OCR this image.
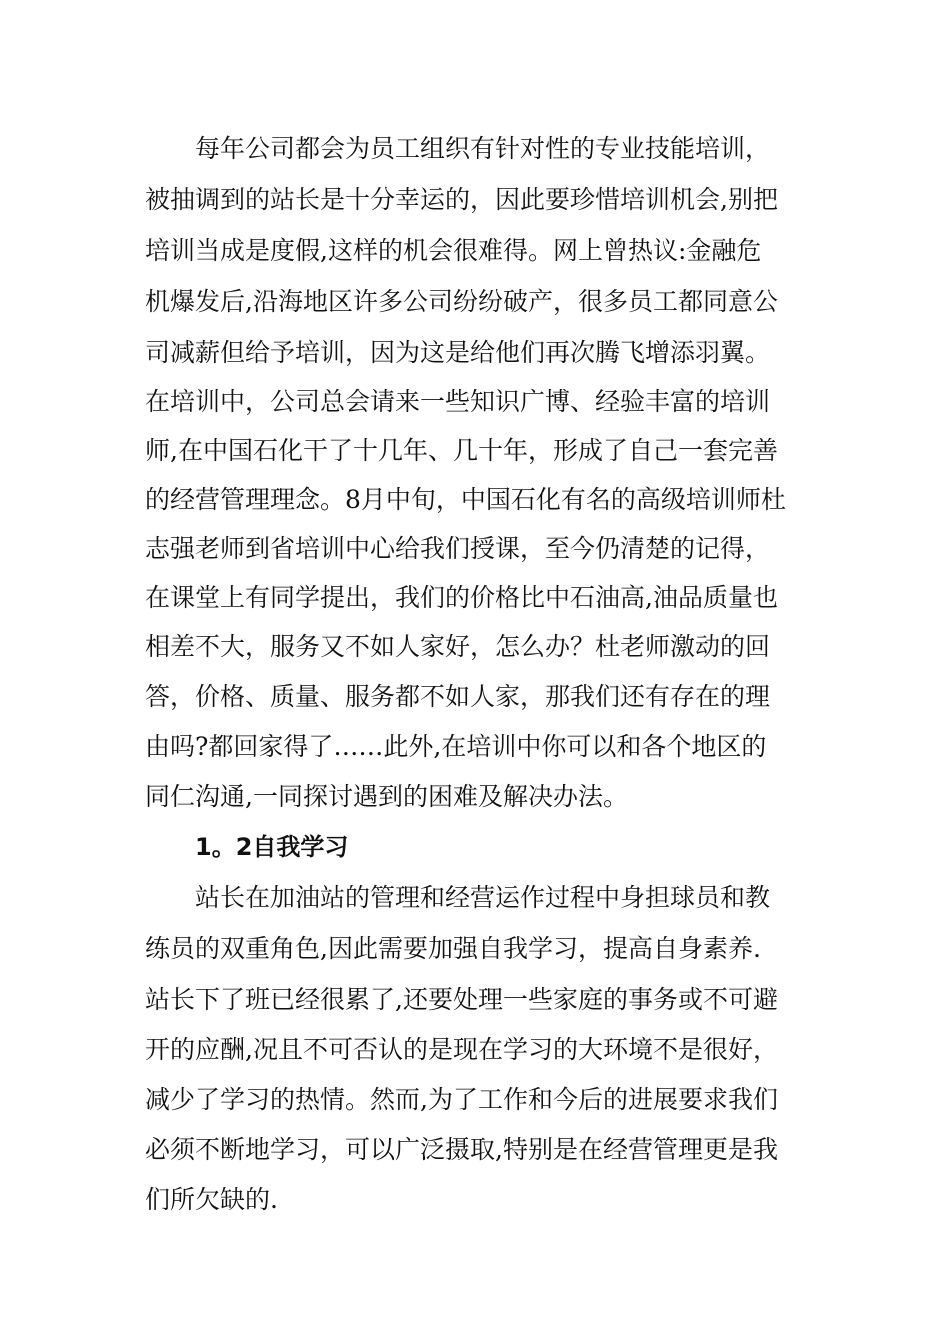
每年公司都会为员工组织有针对性的专业技能培训，
被抽调到的站长是十分幸运的，因此要珍惜培训机会,别把
培训当成是度假,这样的机会很难得。网上曾热议:金融危
机爆发后,沿海地区许多公司纷纷破产，很多员工都同意公
司减薪但给予培训，因为这是给他们再次腾飞增添羽翼。
在培训中，公司总会请来一些知识广博、经验丰富的培训
师,在中国石化干了十几年、几十年，形成了自己一套完善
的经营管理理念。8月中旬，中国石化有名的高级培训师杜
志强老师到省培训中心给我们授课，至今仍清楚的记得，
在课堂上有同学提出，我们的价格比中石油高,油品质量也
相差不大，服务又不如人家好，怎么办？杜老师激动的回
答，价格、质量、服务都不如人家，那我们还有存在的理
由吗?都回家得了……此外,在培训中你可以和各个地区的
同仁沟通,一同探讨遇到的困难及解决办法。
1。2自我学习
站长在加油站的管理和经营运作过程中身担球员和教
练员的双重角色,因此需要加强自我学习，提高自身素养.
站长下了班已经很累了,还要处理一些家庭的事务或不可避
开的应酬,况且不可否认的是现在学习的大环境不是很好，
减少了学习的热情。然而,为了工作和今后的进展要求我们
必须不断地学习，可以广泛摄取,特别是在经营管理更是我
们所欠缺的.
